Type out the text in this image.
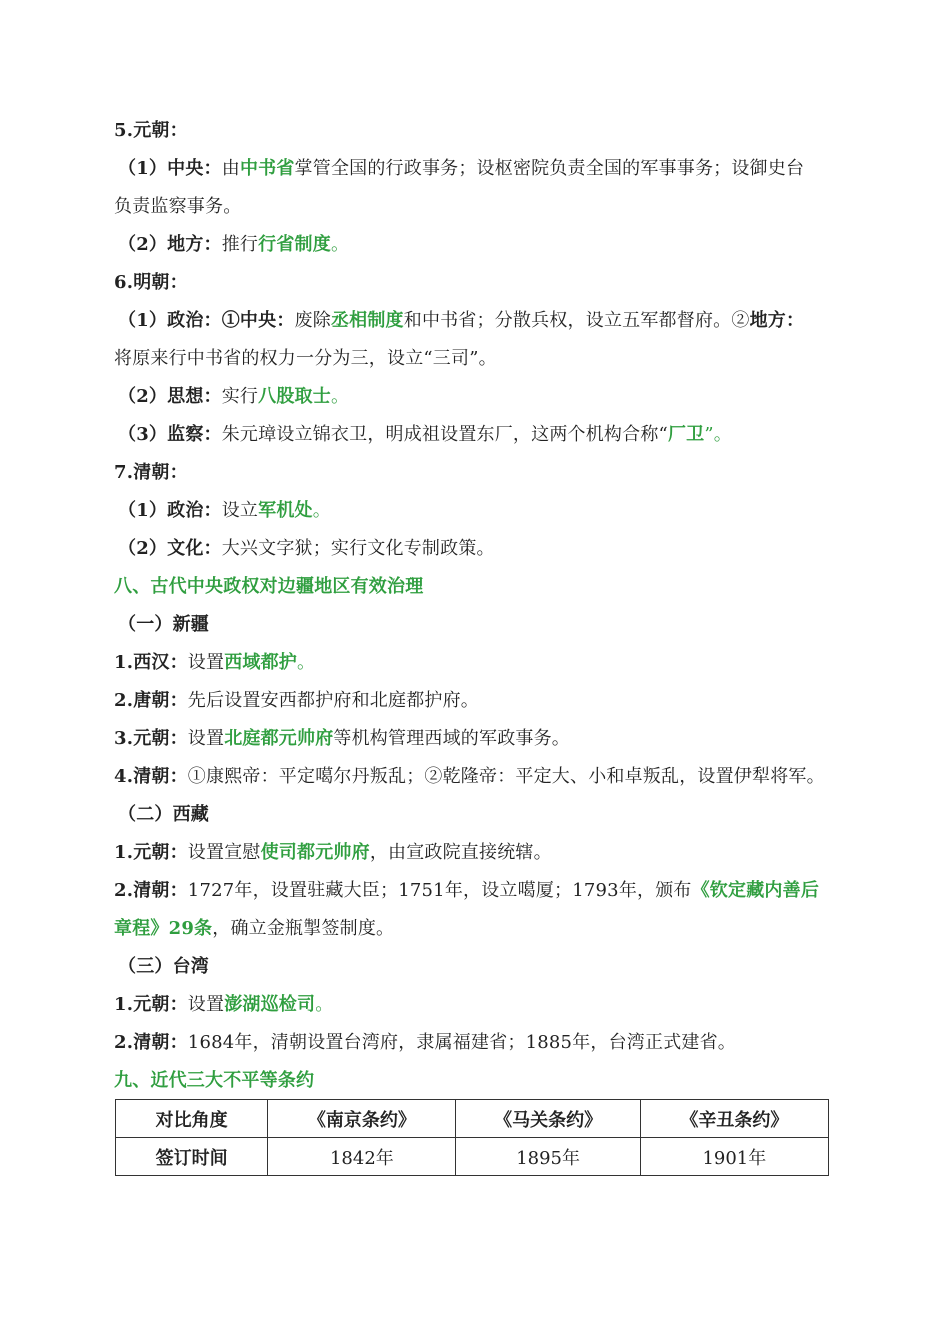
5.元朝：
（1）中央：由中书省掌管全国的行政事务；设枢密院负责全国的军事事务；设御史台
负责监察事务。
（2）地方：推行行省制度。
6.明朝：
（1）政治：①中央：废除丞相制度和中书省；分散兵权，设立五军都督府。②地方：
将原来行中书省的权力一分为三，设立“三司”。
（2）思想：实行八股取士。
（3）监察：朱元璋设立锦衣卫，明成祖设置东厂，这两个机构合称“厂卫”。
7.清朝：
（1）政治：设立军机处。
（2）文化：大兴文字狱；实行文化专制政策。
八、古代中央政权对边疆地区有效治理
（一）新疆
1.西汉：设置西域都护。
2.唐朝：先后设置安西都护府和北庭都护府。
3.元朝：设置北庭都元帅府等机构管理西域的军政事务。
4.清朝：①康熙帝：平定噶尔丹叛乱；②乾隆帝：平定大、小和卓叛乱，设置伊犁将军。
（二）西藏
1.元朝：设置宣慰使司都元帅府，由宣政院直接统辖。
2.清朝：1727年，设置驻藏大臣；1751年，设立噶厦；1793年，颁布《钦定藏内善后
章程》29条，确立金瓶掣签制度。
（三）台湾
1.元朝：设置澎湖巡检司。
2.清朝：1684年，清朝设置台湾府，隶属福建省；1885年，台湾正式建省。
九、近代三大不平等条约
对比角度	《南京条约》	《马关条约》	《辛丑条约》
签订时间	1842年	1895年	1901年
